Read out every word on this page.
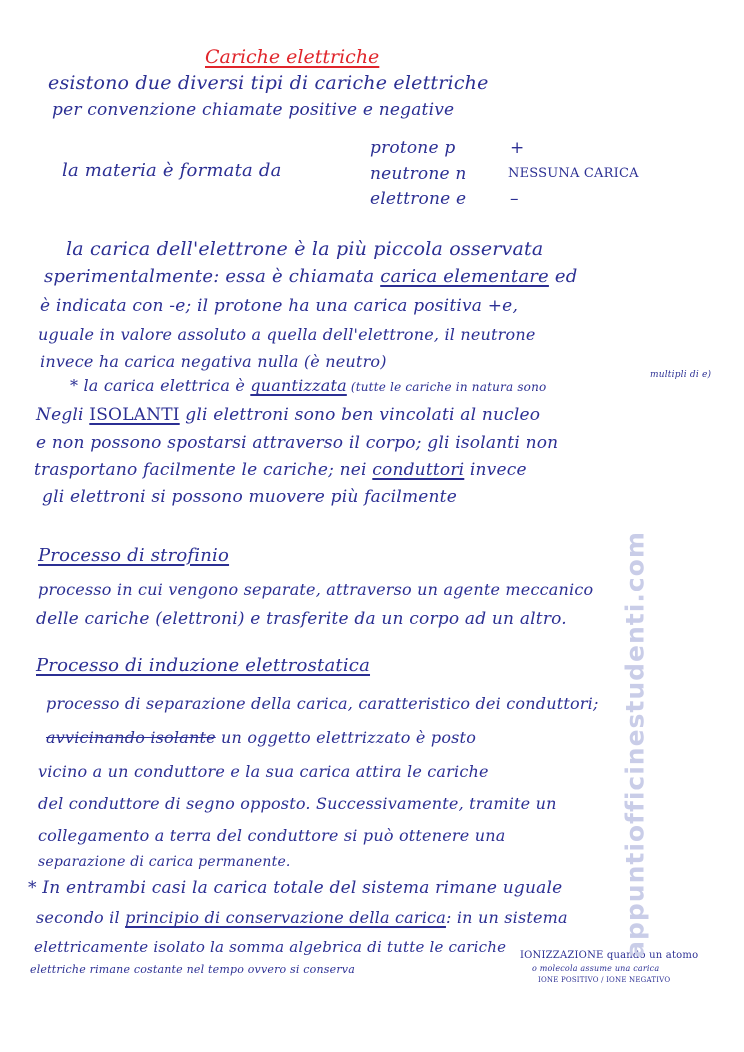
Cariche elettriche
esistono due diversi tipi di cariche elettriche
per convenzione chiamate positive e negative
la materia è formata da
protone p	+
neutrone n	NESSUNA CARICA
elettrone e	–
la carica dell'elettrone è la più piccola osservata
sperimentalmente: essa è chiamata carica elementare ed
è indicata con -e; il protone ha una carica positiva +e,
uguale in valore assoluto a quella dell'elettrone, il neutrone
invece ha carica negativa nulla (è neutro)
* la carica elettrica è quantizzata (tutte le cariche in natura sono
multipli di e)
Negli ISOLANTI gli elettroni sono ben vincolati al nucleo
e non possono spostarsi attraverso il corpo; gli isolanti non
trasportano facilmente le cariche; nei conduttori invece
gli elettroni si possono muovere più facilmente
Processo di strofinio
processo in cui vengono separate, attraverso un agente meccanico
delle cariche (elettroni) e trasferite da un corpo ad un altro.
Processo di induzione elettrostatica
processo di separazione della carica, caratteristico dei conduttori;
avvicinando isolante un oggetto elettrizzato è posto
vicino a un conduttore e la sua carica attira le cariche
del conduttore di segno opposto. Successivamente, tramite un
collegamento a terra del conduttore si può ottenere una
separazione di carica permanente.
* In entrambi casi la carica totale del sistema rimane uguale
secondo il principio di conservazione della carica: in un sistema
elettricamente isolato la somma algebrica di tutte le cariche
elettriche rimane costante nel tempo ovvero si conserva
IONIZZAZIONE quando un atomo
o molecola assume una carica
IONE POSITIVO / IONE NEGATIVO
appuntiofficinestudenti.com
